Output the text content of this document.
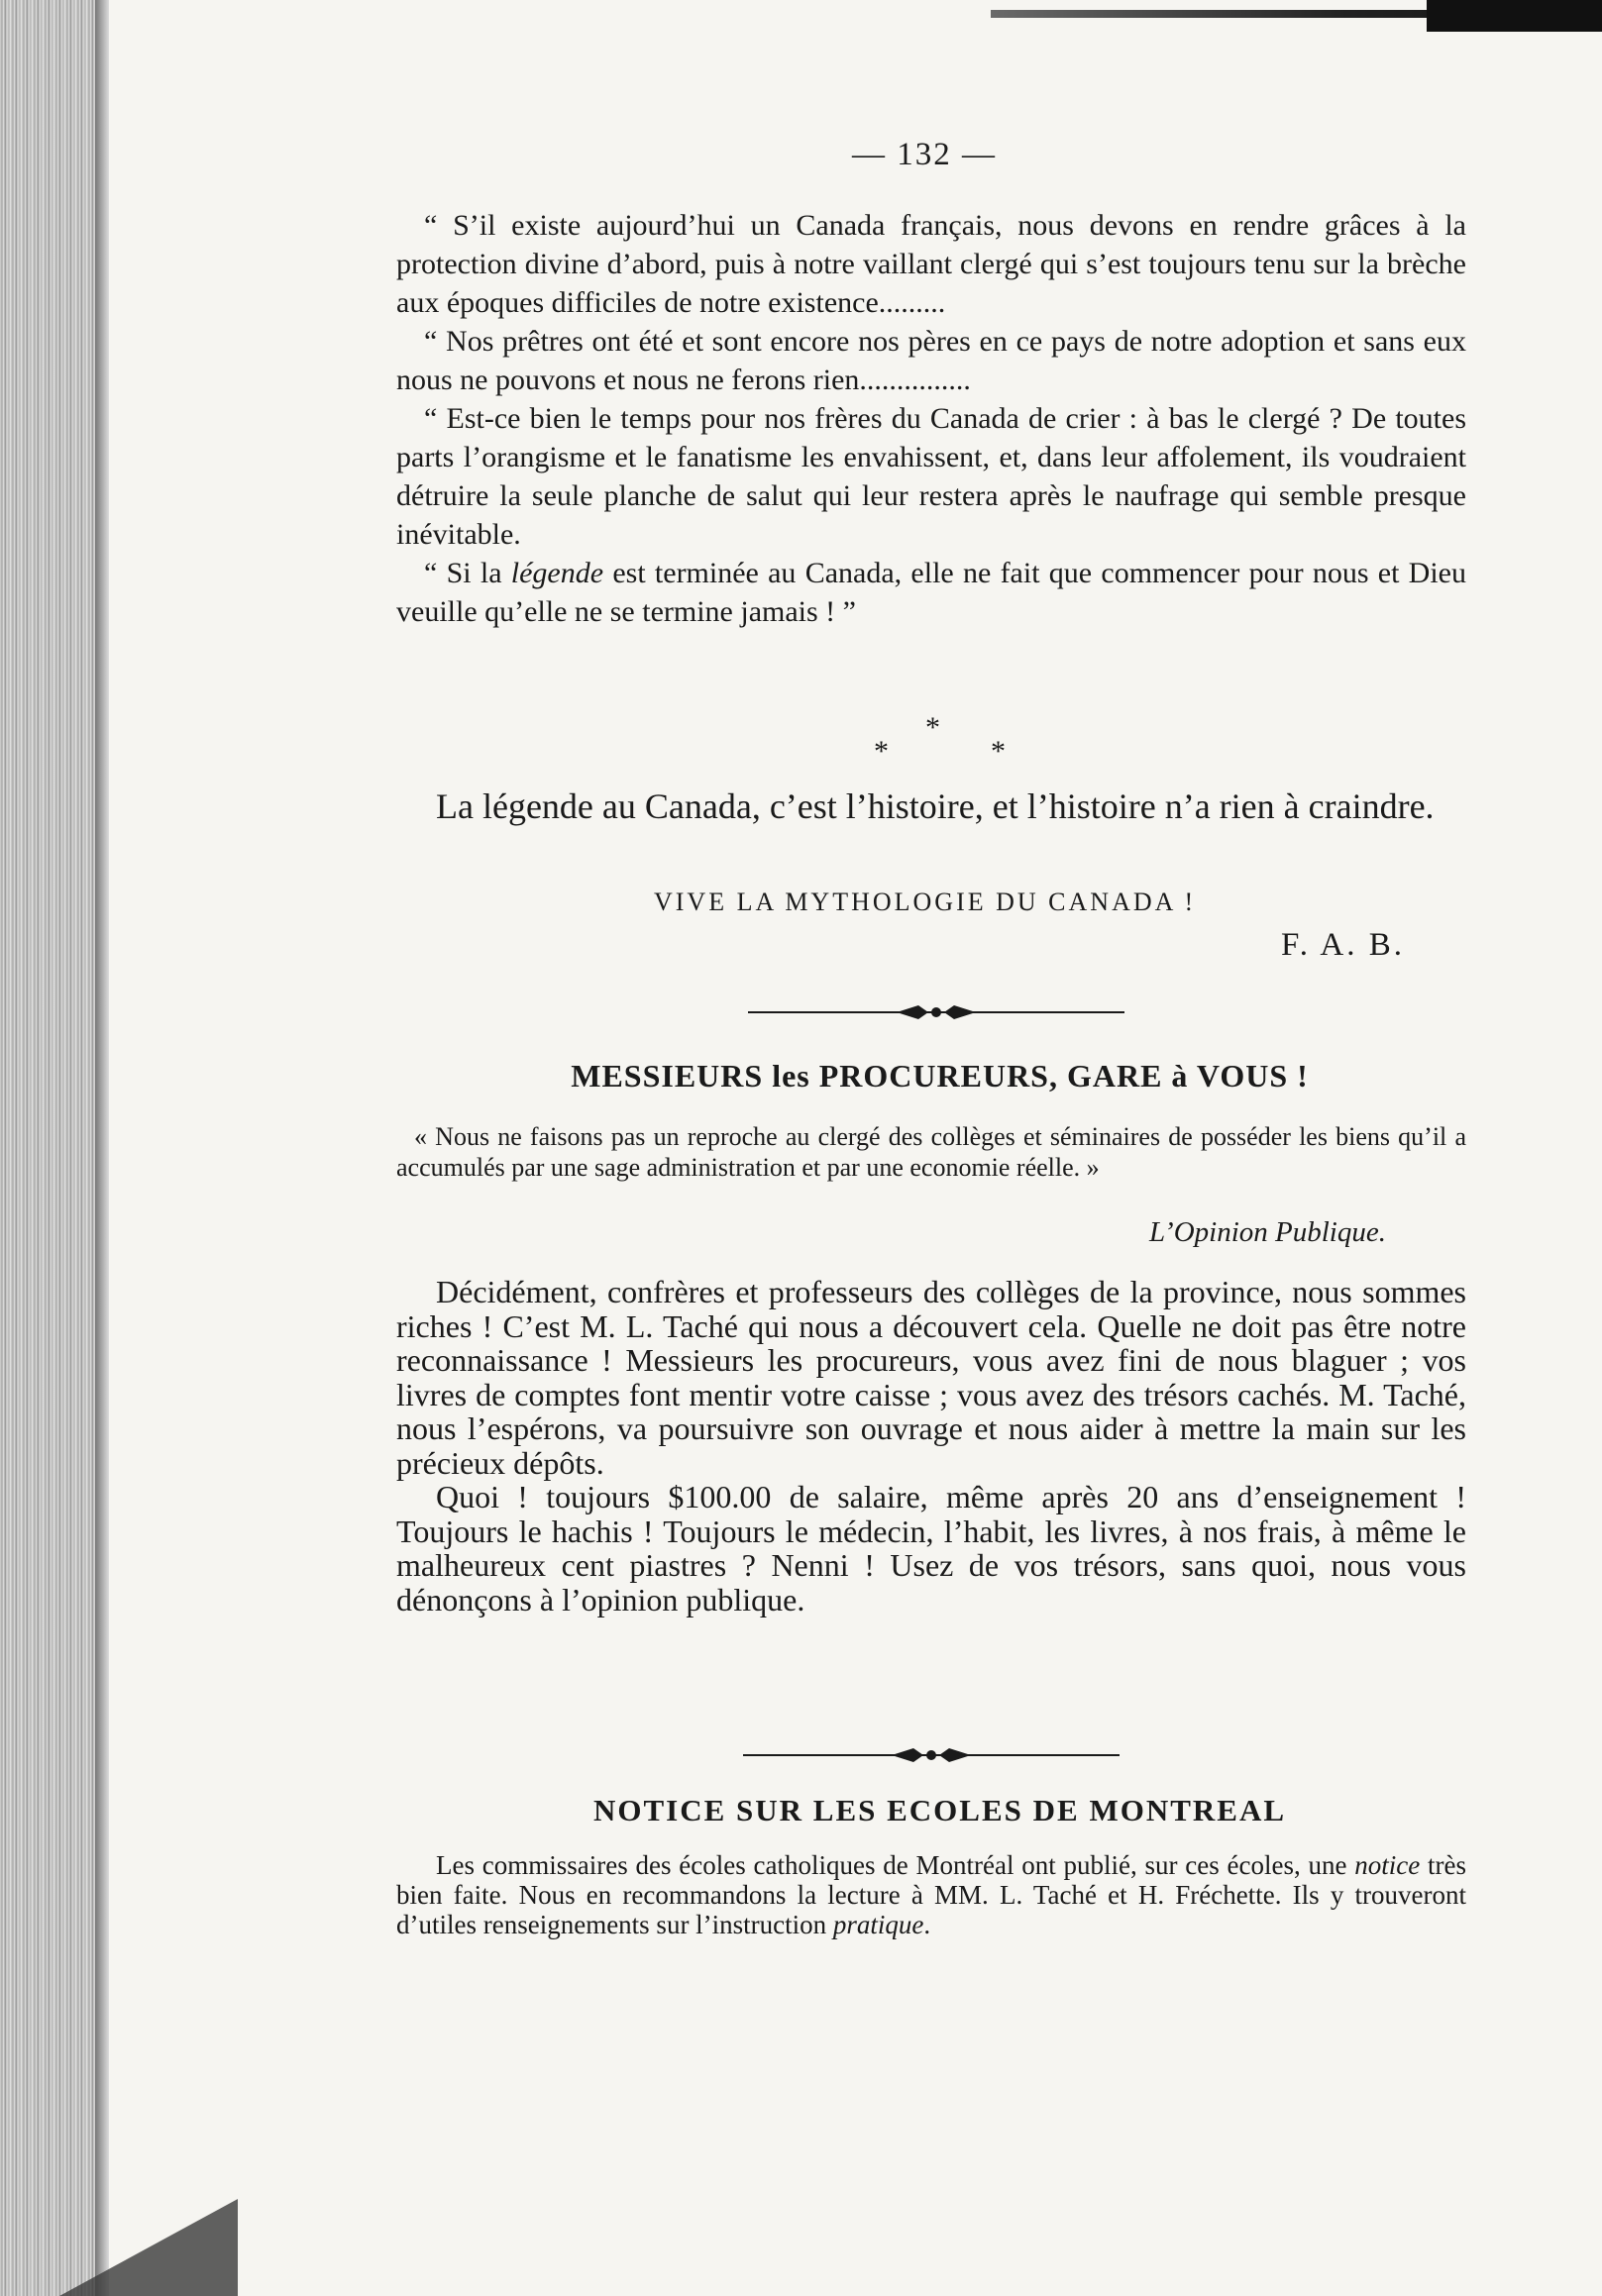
— 132 —

“ S’il existe aujourd’hui un Canada français, nous devons en rendre grâces à la protection divine d’abord, puis à notre vaillant clergé qui s’est toujours tenu sur la brèche aux époques difficiles de notre existence.........

“ Nos prêtres ont été et sont encore nos pères en ce pays de notre adoption et sans eux nous ne pouvons et nous ne ferons rien...............

“ Est-ce bien le temps pour nos frères du Canada de crier : à bas le clergé ? De toutes parts l’orangisme et le fanatisme les envahissent, et, dans leur affolement, ils voudraient détruire la seule planche de salut qui leur restera après le naufrage qui semble presque inévitable.

“ Si la légende est terminée au Canada, elle ne fait que commencer pour nous et Dieu veuille qu’elle ne se termine jamais ! ”

*
*	*

La légende au Canada, c’est l’histoire, et l’histoire n’a rien à craindre.

VIVE LA MYTHOLOGIE DU CANADA !
F. A. B.
MESSIEURS les PROCUREURS, GARE à VOUS !

« Nous ne faisons pas un reproche au clergé des collèges et séminaires de posséder les biens qu’il a accumulés par une sage administration et par une economie réelle. »

L’Opinion Publique.

Décidément, confrères et professeurs des collèges de la province, nous sommes riches ! C’est M. L. Taché qui nous a découvert cela. Quelle ne doit pas être notre reconnaissance ! Messieurs les procureurs, vous avez fini de nous blaguer ; vos livres de comptes font mentir votre caisse ; vous avez des trésors cachés. M. Taché, nous l’espérons, va poursuivre son ouvrage et nous aider à mettre la main sur les précieux dépôts.

Quoi ! toujours $100.00 de salaire, même après 20 ans d’enseignement ! Toujours le hachis ! Toujours le médecin, l’habit, les livres, à nos frais, à même le malheureux cent piastres ? Nenni ! Usez de vos trésors, sans quoi, nous vous dénonçons à l’opinion publique.

NOTICE SUR LES ECOLES DE MONTREAL

Les commissaires des écoles catholiques de Montréal ont publié, sur ces écoles, une notice très bien faite. Nous en recommandons la lecture à MM. L. Taché et H. Fréchette. Ils y trouveront d’utiles renseignements sur l’instruction pratique.
